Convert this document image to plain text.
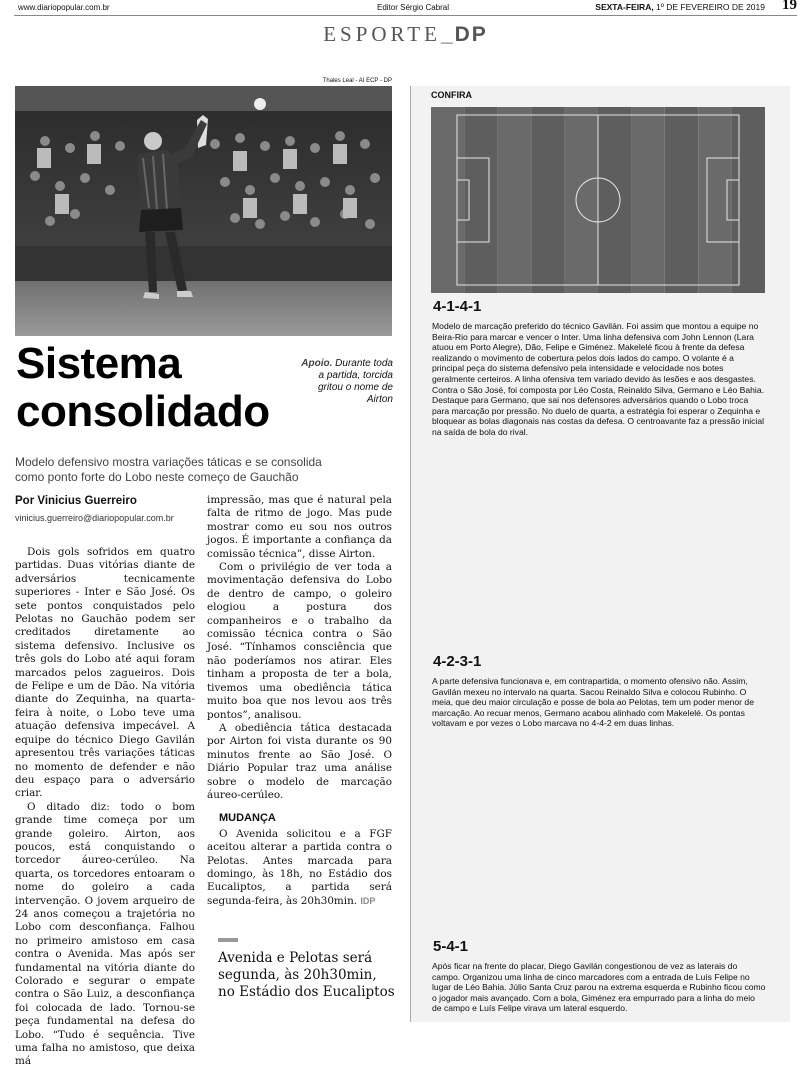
www.diariopopular.com.br	Editor Sérgio Cabral	SEXTA-FEIRA, 1º DE FEVEREIRO DE 2019 19
ESPORTE_DP
Thales Leal - AI ECP - DP
Sistema
consolidado
Apoio. Durante toda a partida, torcida gritou o nome de Airton
Modelo defensivo mostra variações táticas e se consolida como ponto forte do Lobo neste começo de Gauchão
Por Vinicius Guerreiro
vinicius.guerreiro@diariopopular.com.br

Dois gols sofridos em quatro partidas. Duas vitórias diante de adversários tecnicamente superiores - Inter e São José. Os sete pontos conquistados pelo Pelotas no Gauchão podem ser creditados diretamente ao sistema defensivo. Inclusive os três gols do Lobo até aqui foram marcados pelos zagueiros. Dois de Felipe e um de Dão. Na vitória diante do Zequinha, na quarta-feira à noite, o Lobo teve uma atuação defensiva impecável. A equipe do técnico Diego Gavilán apresentou três variações táticas no momento de defender e não deu espaço para o adversário criar.

O ditado diz: todo o bom grande time começa por um grande goleiro. Airton, aos poucos, está conquistando o torcedor áureo-cerúleo. Na quarta, os torcedores entoaram o nome do goleiro a cada intervenção. O jovem arqueiro de 24 anos começou a trajetória no Lobo com desconfiança. Falhou no primeiro amistoso em casa contra o Avenida. Mas após ser fundamental na vitória diante do Colorado e segurar o empate contra o São Luiz, a desconfiança foi colocada de lado. Tornou-se peça fundamental na defesa do Lobo. “Tudo é sequência. Tive uma falha no amistoso, que deixa má

impressão, mas que é natural pela falta de ritmo de jogo. Mas pude mostrar como eu sou nos outros jogos. É importante a confiança da comissão técnica”, disse Airton.

Com o privilégio de ver toda a movimentação defensiva do Lobo de dentro de campo, o goleiro elogiou a postura dos companheiros e o trabalho da comissão técnica contra o São José. “Tínhamos consciência que não poderíamos nos atirar. Eles tinham a proposta de ter a bola, tivemos uma obediência tática muito boa que nos levou aos três pontos”, analisou.

A obediência tática destacada por Airton foi vista durante os 90 minutos frente ao São José. O Diário Popular traz uma análise sobre o modelo de marcação áureo-cerúleo.

MUDANÇA

O Avenida solicitou e a FGF aceitou alterar a partida contra o Pelotas. Antes marcada para domingo, às 18h, no Estádio dos Eucaliptos, a partida será segunda-feira, às 20h30min. IDP

Avenida e Pelotas será segunda, às 20h30min, no Estádio dos Eucaliptos
CONFIRA
4-1-4-1
Modelo de marcação preferido do técnico Gavilán. Foi assim que montou a equipe no Beira-Rio para marcar e vencer o Inter. Uma linha defensiva com John Lennon (Lara atuou em Porto Alegre), Dão, Felipe e Giménez. Makelelé ficou à frente da defesa realizando o movimento de cobertura pelos dois lados do campo. O volante é a principal peça do sistema defensivo pela intensidade e velocidade nos botes geralmente certeiros. A linha ofensiva tem variado devido às lesões e aos desgastes. Contra o São José, foi composta por Léo Costa, Reinaldo Silva, Germano e Léo Bahia. Destaque para Germano, que sai nos defensores adversários quando o Lobo troca para marcação por pressão. No duelo de quarta, a estratégia foi esperar o Zequinha e bloquear as bolas diagonais nas costas da defesa. O centroavante faz a pressão inicial na saída de bola do rival.
4-2-3-1
A parte defensiva funcionava e, em contrapartida, o momento ofensivo não. Assim, Gavilán mexeu no intervalo na quarta. Sacou Reinaldo Silva e colocou Rubinho. O meia, que deu maior circulação e posse de bola ao Pelotas, tem um poder menor de marcação. Ao recuar menos, Germano acabou alinhado com Makelelé. Os pontas voltavam e por vezes o Lobo marcava no 4-4-2 em duas linhas.
5-4-1
Após ficar na frente do placar, Diego Gavilán congestionou de vez as laterais do campo. Organizou uma linha de cinco marcadores com a entrada de Luís Felipe no lugar de Léo Bahia. Júlio Santa Cruz parou na extrema esquerda e Rubinho ficou como o jogador mais avançado. Com a bola, Giménez era empurrado para a linha do meio de campo e Luís Felipe virava um lateral esquerdo.
